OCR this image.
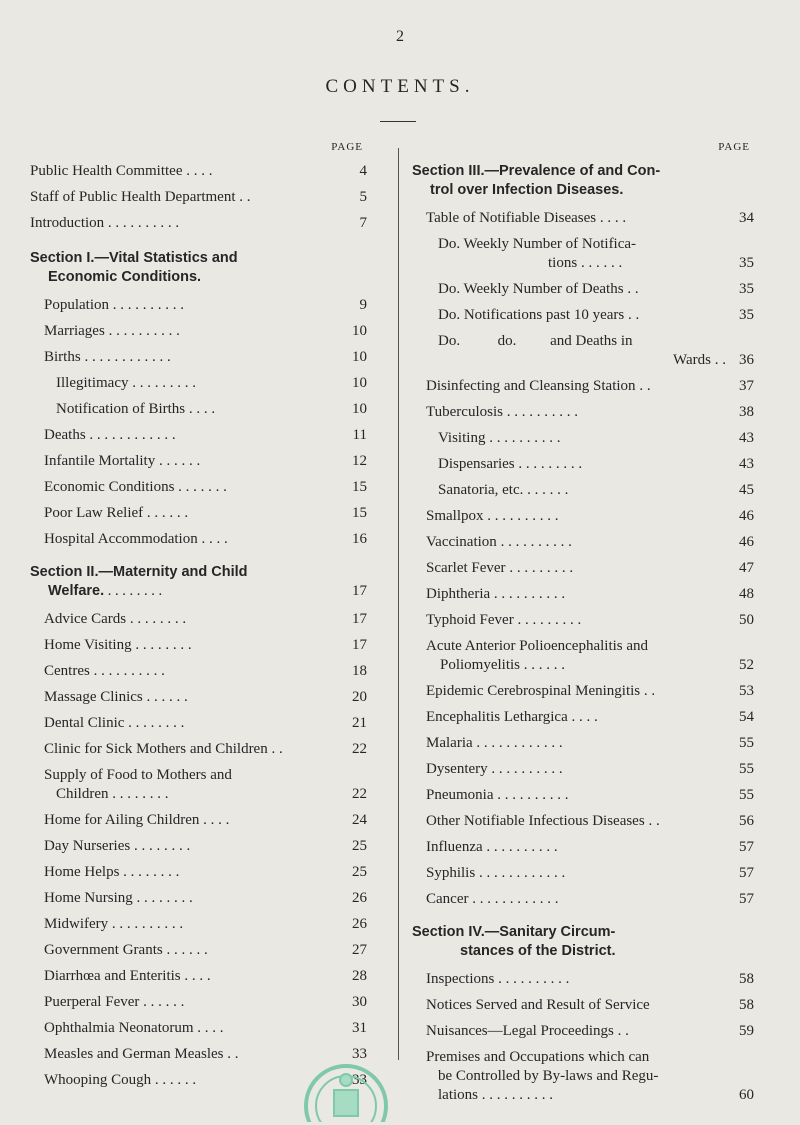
2
CONTENTS.
PAGE
Public Health Committee . . . .	4
Staff of Public Health Department . .	5
Introduction . . . . . . . . . .	7
Section I.—Vital Statistics and
Economic Conditions.
Population . . . . . . . . . .	9
Marriages . . . . . . . . . .	10
Births . . . . . . . . . . . .	10
Illegitimacy . . . . . . . . .	10
Notification of Births . . . .	10
Deaths . . . . . . . . . . . .	11
Infantile Mortality . . . . . .	12
Economic Conditions . . . . . . .	15
Poor Law Relief . . . . . .	15
Hospital Accommodation . . . .	16
Section II.—Maternity and Child
Welfare. . . . . . . . .	17
Advice Cards . . . . . . . .	17
Home Visiting . . . . . . . .	17
Centres . . . . . . . . . .	18
Massage Clinics . . . . . .	20
Dental Clinic . . . . . . . .	21
Clinic for Sick Mothers and Children . .	22
Supply of Food to Mothers and
Children . . . . . . . .	22
Home for Ailing Children . . . .	24
Day Nurseries . . . . . . . .	25
Home Helps . . . . . . . .	25
Home Nursing . . . . . . . .	26
Midwifery . . . . . . . . . .	26
Government Grants . . . . . .	27
Diarrhœa and Enteritis . . . .	28
Puerperal Fever . . . . . .	30
Ophthalmia Neonatorum . . . .	31
Measles and German Measles . .	33
Whooping Cough . . . . . .	33
PAGE
Section III.—Prevalence of and Con-
trol over Infection Diseases.
Table of Notifiable Diseases . . . .	34
Do. Weekly Number of Notifica-
tions . . . . . .	35
Do. Weekly Number of Deaths . .	35
Do. Notifications past 10 years . .	35
Do.          do.         and Deaths in

Wards . . 36
Disinfecting and Cleansing Station . .	37
Tuberculosis . . . . . . . . . .	38
Visiting . . . . . . . . . .	43
Dispensaries . . . . . . . . .	43
Sanatoria, etc. . . . . . .	45
Smallpox . . . . . . . . . .	46
Vaccination . . . . . . . . . .	46
Scarlet Fever . . . . . . . . .	47
Diphtheria . . . . . . . . . .	48
Typhoid Fever . . . . . . . . .	50
Acute Anterior Polioencephalitis and
Poliomyelitis . . . . . .	52
Epidemic Cerebrospinal Meningitis . .	53
Encephalitis Lethargica . . . .	54
Malaria . . . . . . . . . . . .	55
Dysentery . . . . . . . . . .	55
Pneumonia . . . . . . . . . .	55
Other Notifiable Infectious Diseases . .	56
Influenza . . . . . . . . . .	57
Syphilis . . . . . . . . . . . .	57
Cancer . . . . . . . . . . . .	57
Section IV.—Sanitary Circum-
stances of the District.
Inspections . . . . . . . . . .	58
Notices Served and Result of Service	58
Nuisances—Legal Proceedings . .	59
Premises and Occupations which can
be Controlled by By-laws and Regu-
lations . . . . . . . . . .	60
